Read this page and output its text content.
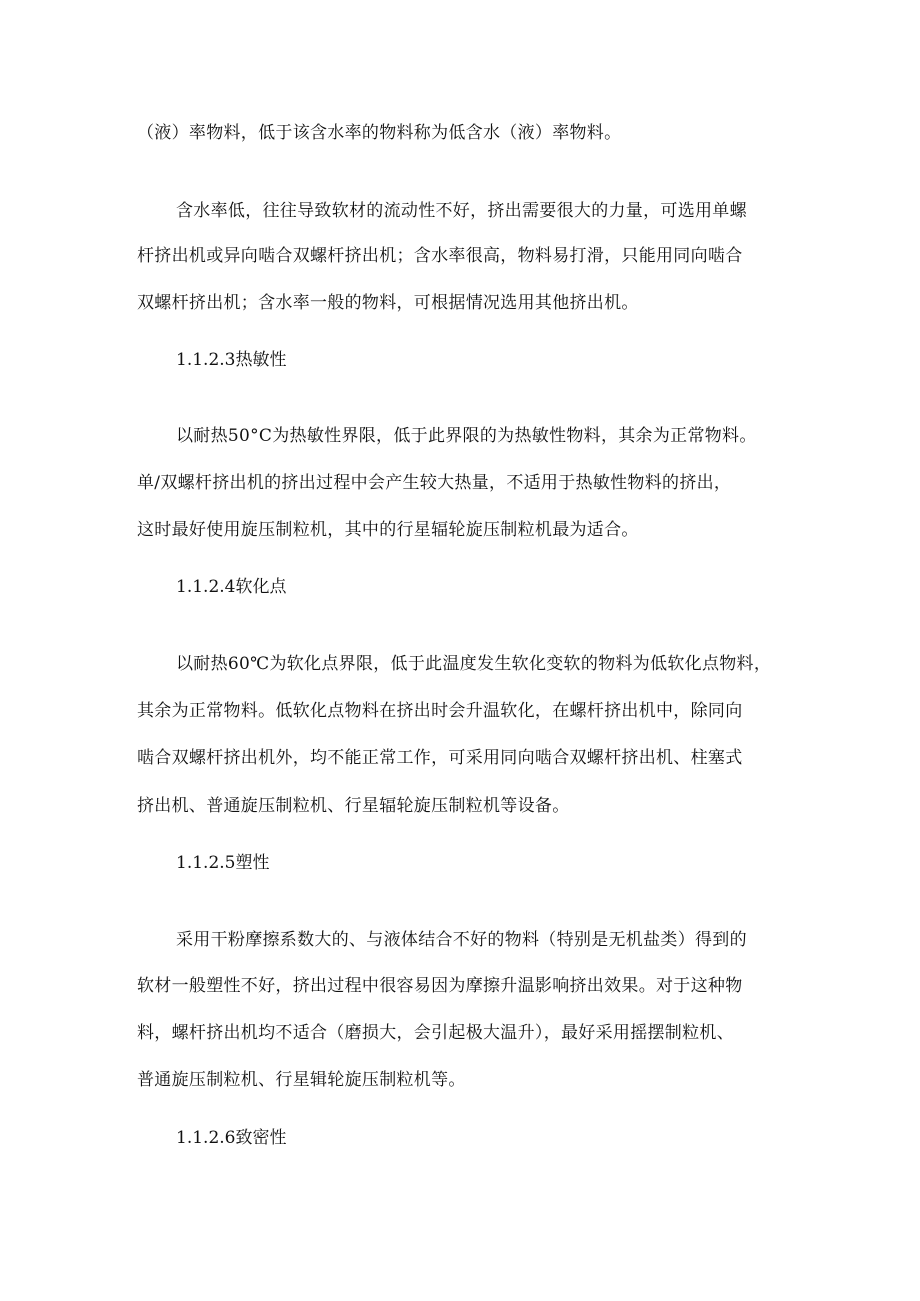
（液）率物料，低于该含水率的物料称为低含水（液）率物料。
含水率低，往往导致软材的流动性不好，挤出需要很大的力量，可选用单螺
杆挤出机或异向啮合双螺杆挤出机；含水率很高，物料易打滑，只能用同向啮合
双螺杆挤出机；含水率一般的物料，可根据情况选用其他挤出机。
1.1.2.3热敏性
以耐热50°C为热敏性界限，低于此界限的为热敏性物料，其余为正常物料。
单/双螺杆挤出机的挤出过程中会产生较大热量，不适用于热敏性物料的挤出，
这时最好使用旋压制粒机，其中的行星辐轮旋压制粒机最为适合。
1.1.2.4软化点
以耐热60℃为软化点界限，低于此温度发生软化变软的物料为低软化点物料，
其余为正常物料。低软化点物料在挤出时会升温软化，在螺杆挤出机中，除同向
啮合双螺杆挤出机外，均不能正常工作，可采用同向啮合双螺杆挤出机、柱塞式
挤出机、普通旋压制粒机、行星辐轮旋压制粒机等设备。
1.1.2.5塑性
采用干粉摩擦系数大的、与液体结合不好的物料（特别是无机盐类）得到的
软材一般塑性不好，挤出过程中很容易因为摩擦升温影响挤出效果。对于这种物
料，螺杆挤出机均不适合（磨损大，会引起极大温升），最好采用摇摆制粒机、
普通旋压制粒机、行星辑轮旋压制粒机等。
1.1.2.6致密性
